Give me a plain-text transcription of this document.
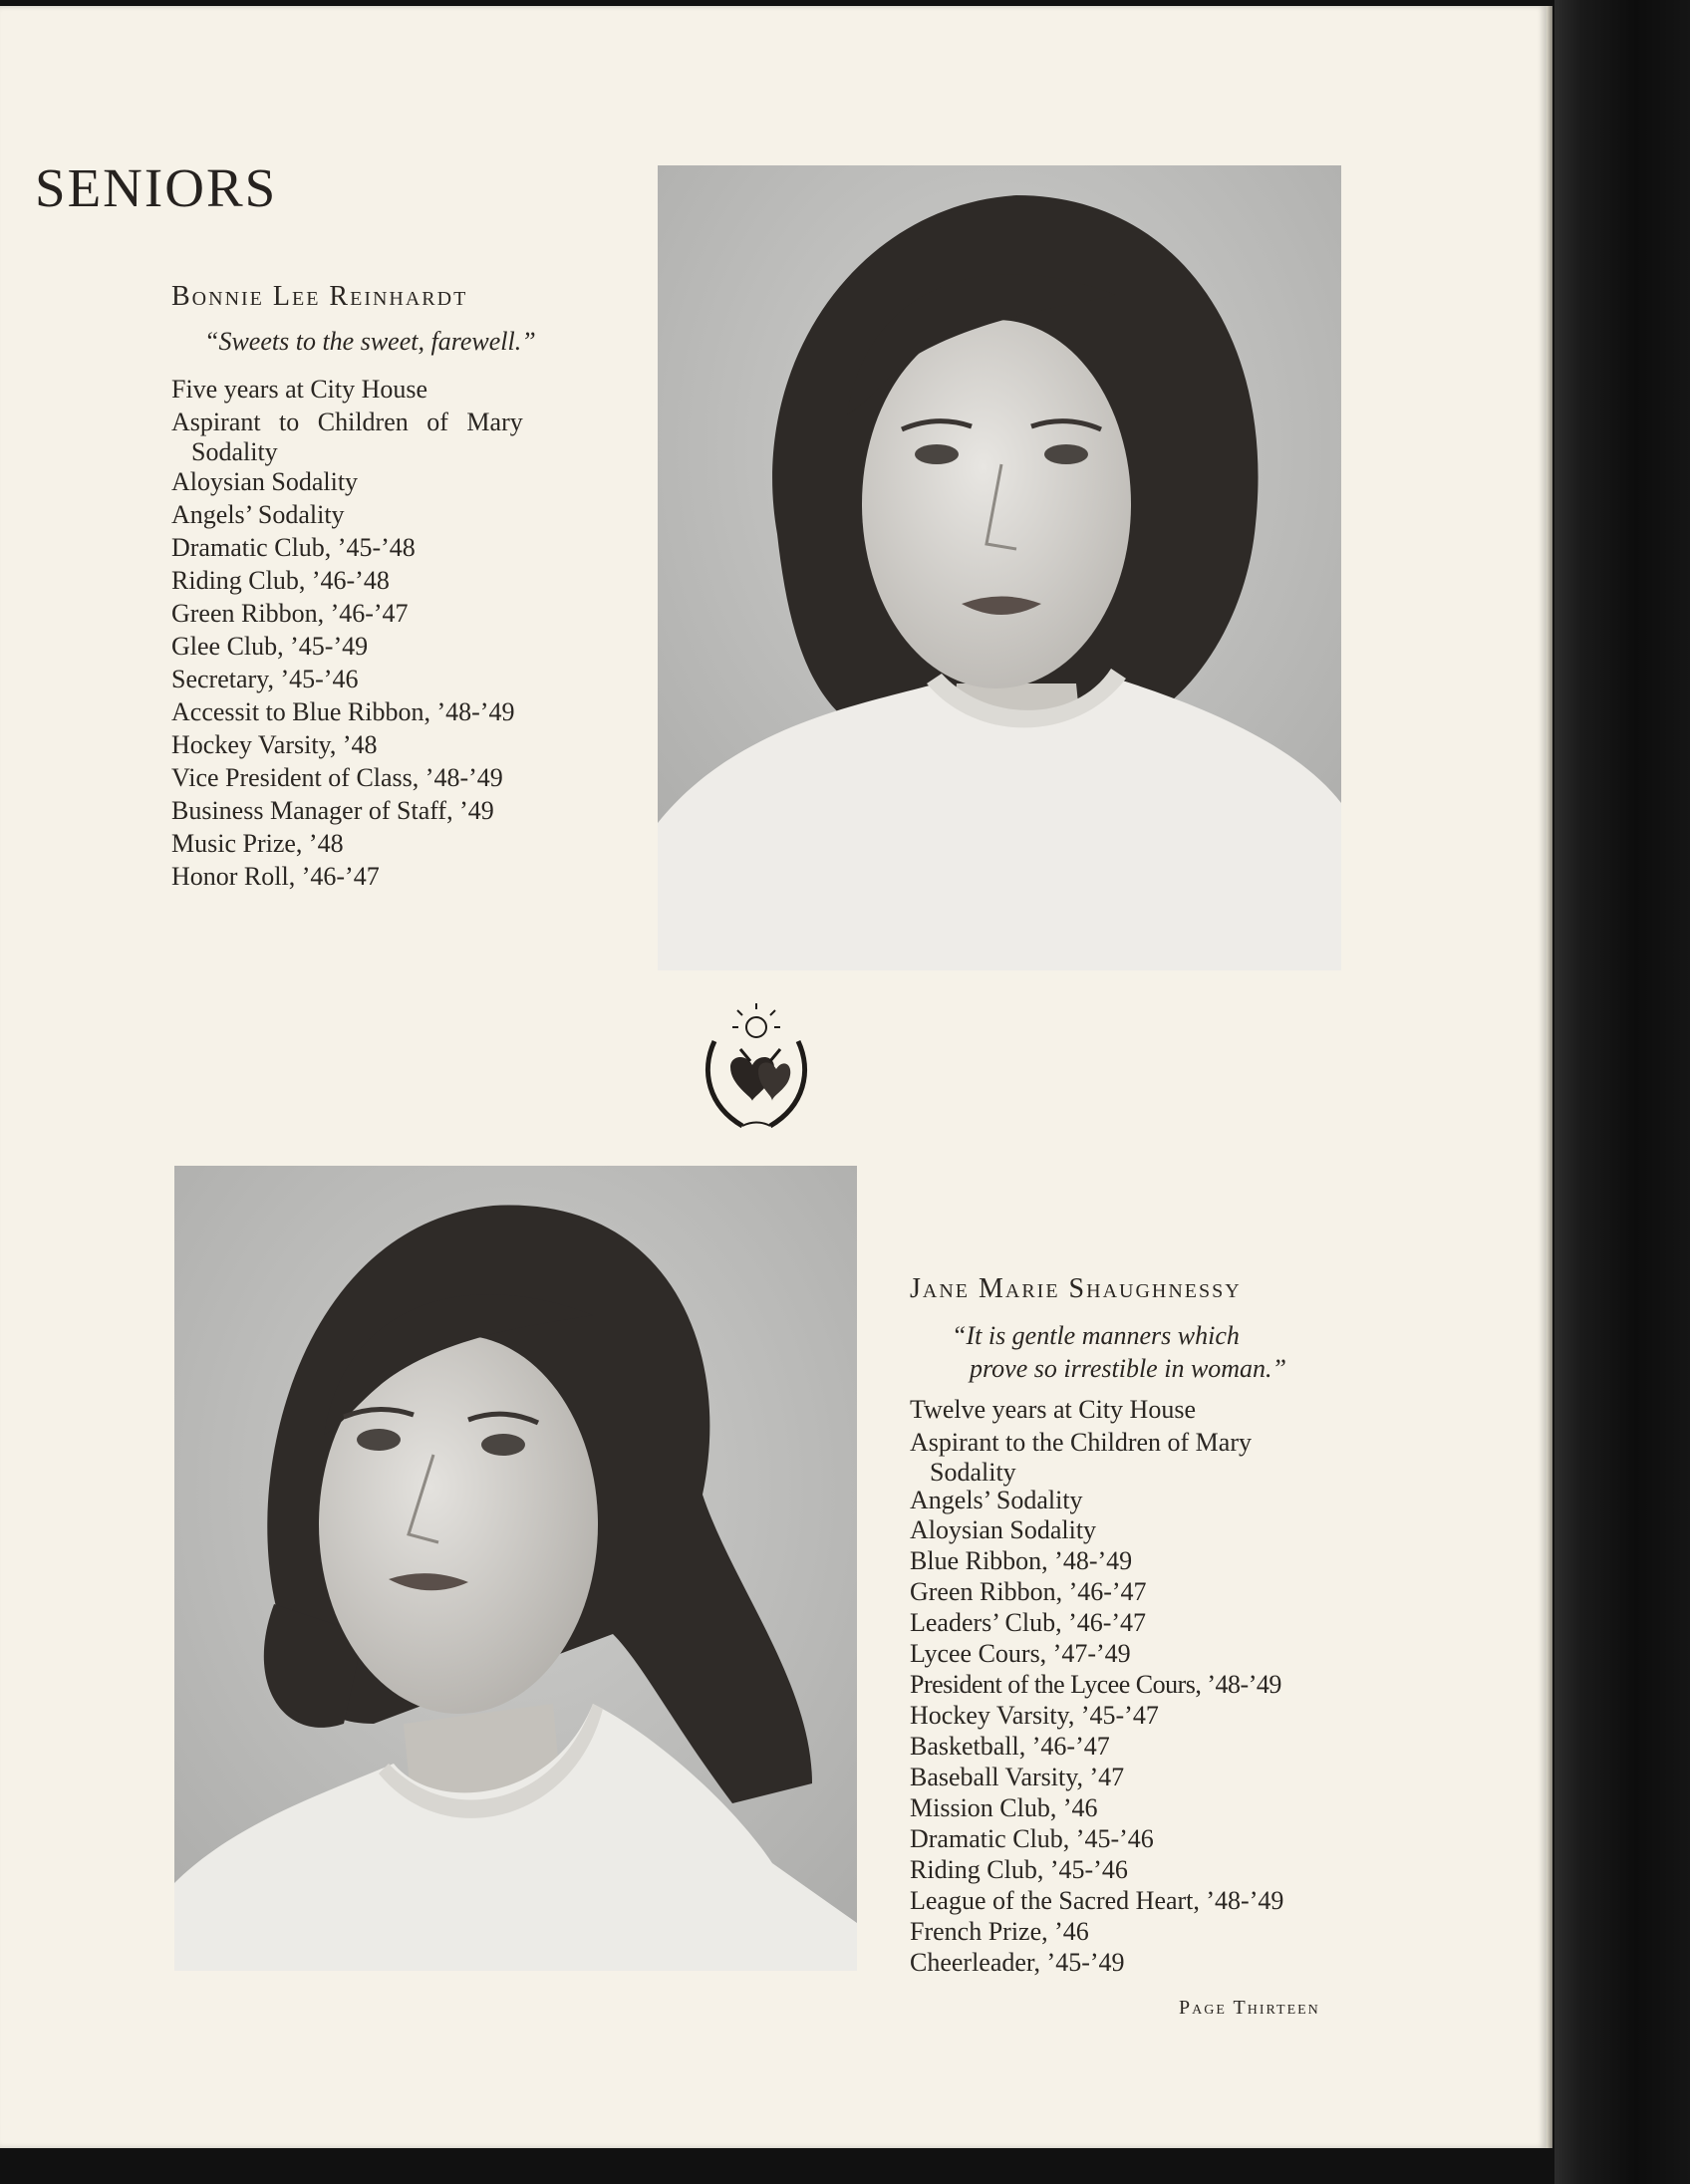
SENIORS
Bonnie Lee Reinhardt

“Sweets to the sweet, farewell.”

Five years at City House
Aspirant to Children of Mary
Sodality
Aloysian Sodality
Angels’ Sodality
Dramatic Club, ’45-’48
Riding Club, ’46-’48
Green Ribbon, ’46-’47
Glee Club, ’45-’49
Secretary, ’45-’46
Accessit to Blue Ribbon, ’48-’49
Hockey Varsity, ’48
Vice President of Class, ’48-’49
Business Manager of Staff, ’49
Music Prize, ’48
Honor Roll, ’46-’47
Jane Marie Shaughnessy

“It is gentle manners which

prove so irrestible in woman.”

Twelve years at City House
Aspirant to the Children of Mary
Sodality
Angels’ Sodality
Aloysian Sodality
Blue Ribbon, ’48-’49
Green Ribbon, ’46-’47
Leaders’ Club, ’46-’47
Lycee Cours, ’47-’49
President of the Lycee Cours, ’48-’49
Hockey Varsity, ’45-’47
Basketball, ’46-’47
Baseball Varsity, ’47
Mission Club, ’46
Dramatic Club, ’45-’46
Riding Club, ’45-’46
League of the Sacred Heart, ’48-’49
French Prize, ’46
Cheerleader, ’45-’49

Page Thirteen
